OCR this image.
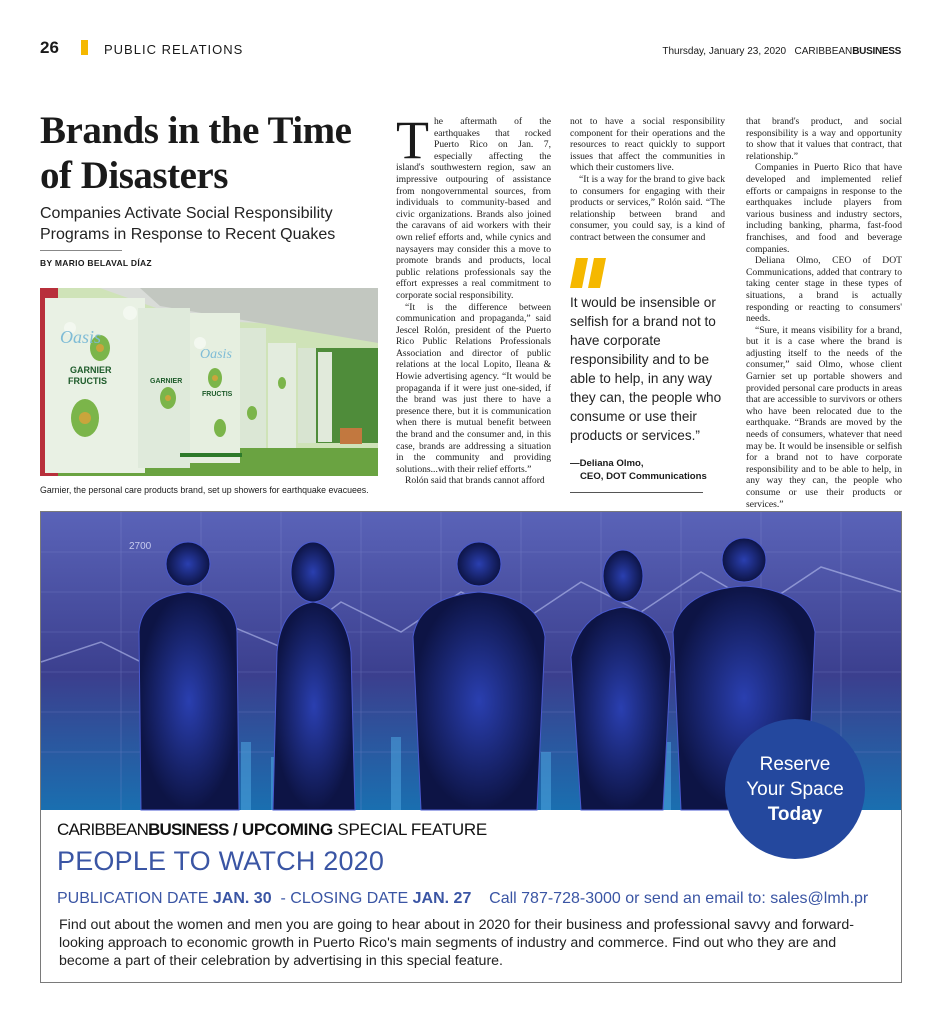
26	PUBLIC RELATIONS	Thursday, January 23, 2020 CARIBBEANBUSINESS
Brands in the Time of Disasters
Companies Activate Social Responsibility Programs in Response to Recent Quakes
BY MARIO BELAVAL DÍAZ
Oasis
GARNIER
FRUCTIS
Oasis
GARNIER
FRUCTIS
Garnier, the personal care products brand, set up showers for earthquake evacuees.
T he aftermath of the earthquakes that rocked Puerto Rico on Jan. 7, especially affecting the island's southwestern region, saw an impressive outpouring of assistance from nongovernmental sources, from individuals to community-based and civic organizations. Brands also joined the caravans of aid workers with their own relief efforts and, while cynics and naysayers may consider this a move to promote brands and products, local public relations professionals say the effort expresses a real commitment to corporate social responsibility.

“It is the difference between communication and propaganda,” said Jescel Rolón, president of the Puerto Rico Public Relations Professionals Association and director of public relations at the local Lopito, Ileana & Howie advertising agency. “It would be propaganda if it were just one-sided, if the brand was just there to have a presence there, but it is communication when there is mutual benefit between the brand and the consumer and, in this case, brands are addressing a situation in the community and providing solutions...with their relief efforts.”

Rolón said that brands cannot afford

not to have a social responsibility component for their operations and the resources to react quickly to support issues that affect the communities in which their customers live.

“It is a way for the brand to give back to consumers for engaging with their products or services,” Rolón said. “The relationship between brand and consumer, you could say, is a kind of contract between the consumer and

It would be insensible or selfish for a brand not to have corporate responsibility and to be able to help, in any way they can, the people who consume or use their products or services.”
—Deliana Olmo,
CEO, DOT Communications

that brand's product, and social responsibility is a way and opportunity to show that it values that contract, that relationship.”

Companies in Puerto Rico that have developed and implemented relief efforts or campaigns in response to the earthquakes include players from various business and industry sectors, including banking, pharma, fast-food franchises, and food and beverage companies.

Deliana Olmo, CEO of DOT Communications, added that contrary to taking center stage in these types of situations, a brand is actually responding or reacting to consumers' needs.

“Sure, it means visibility for a brand, but it is a case where the brand is adjusting itself to the needs of the consumer,” said Olmo, whose client Garnier set up portable showers and provided personal care products in areas that are accessible to survivors or others who have been relocated due to the earthquake. “Brands are moved by the needs of consumers, whatever that need may be. It would be insensible or selfish for a brand not to have corporate responsibility and to be able to help, in any way they can, the people who consume or use their products or services.”

2700
CARIBBEANBUSINESS / UPCOMING SPECIAL FEATURE
PEOPLE TO WATCH 2020
PUBLICATION DATE JAN. 30 - CLOSING DATE JAN. 27 Call 787-728-3000 or send an email to: sales@lmh.pr
Find out about the women and men you are going to hear about in 2020 for their business and professional savvy and forward-looking approach to economic growth in Puerto Rico's main segments of industry and commerce. Find out who they are and become a part of their celebration by advertising in this special feature.
Reserve
Your Space
Today
